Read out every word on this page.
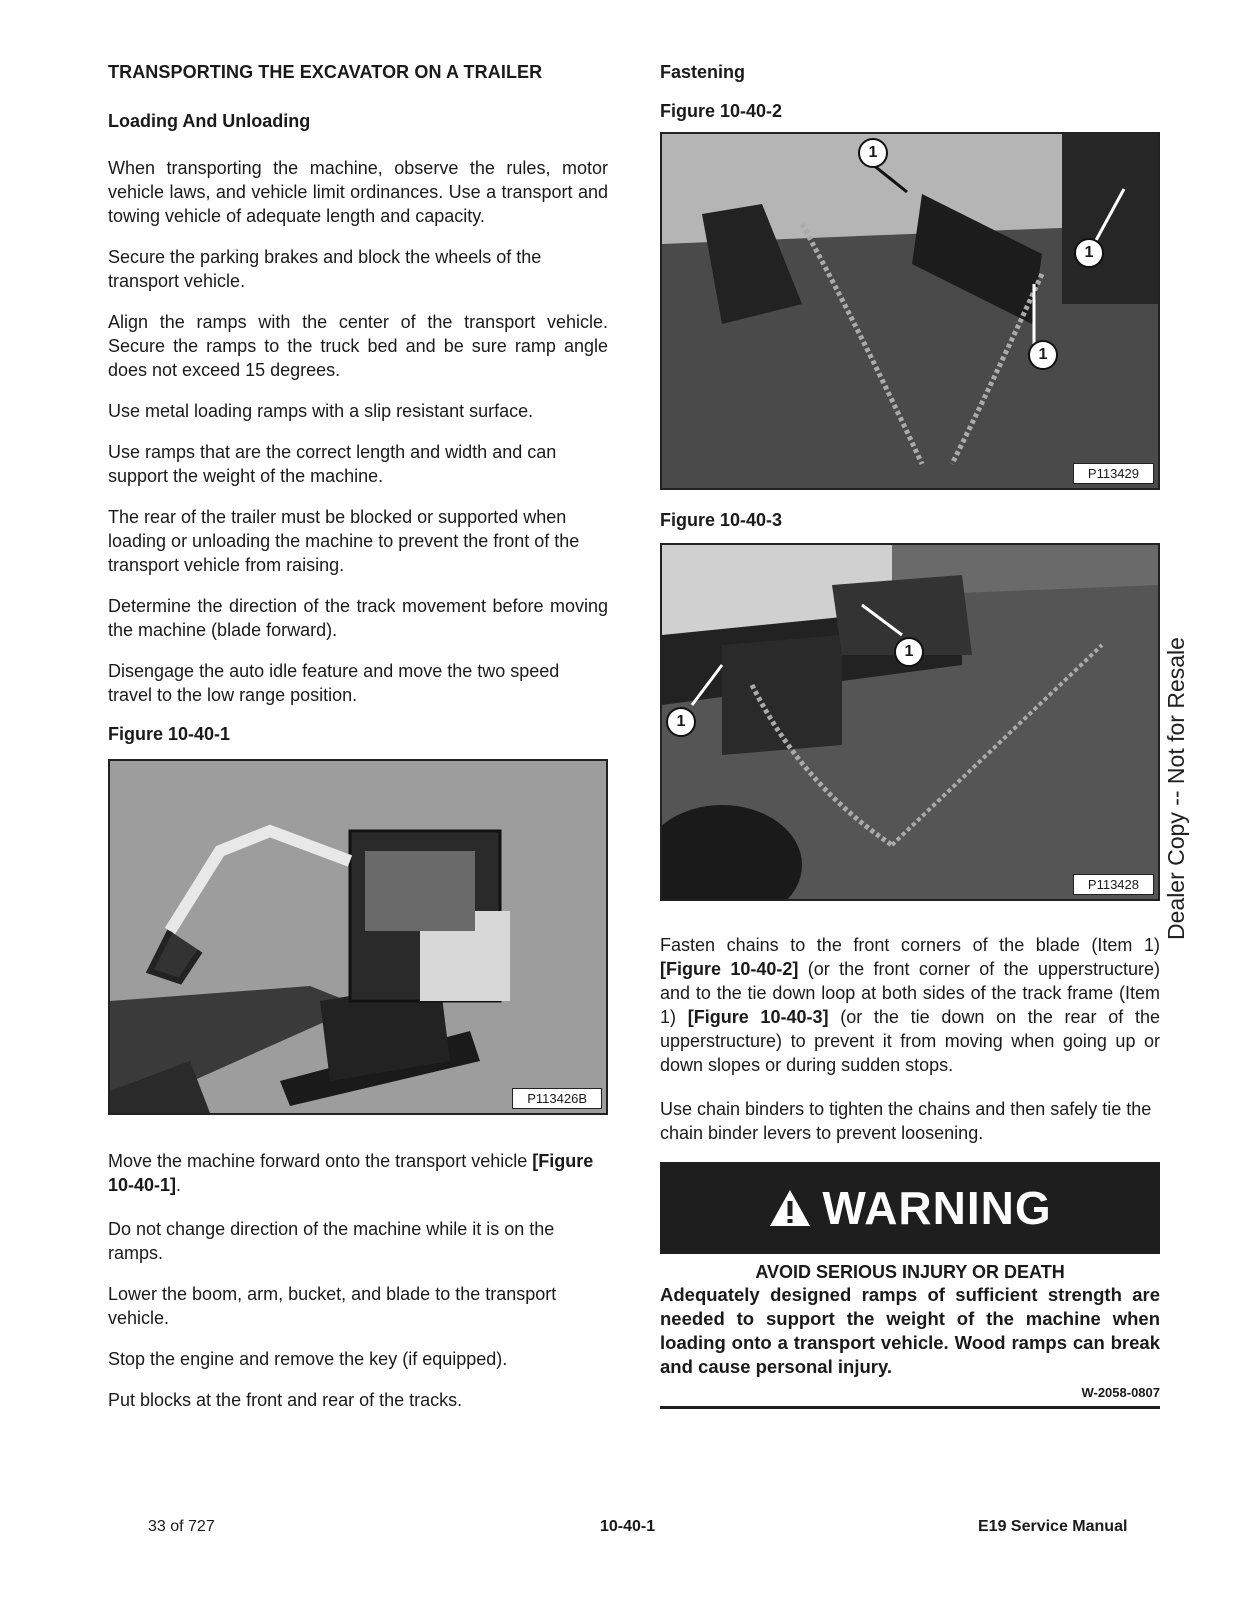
TRANSPORTING THE EXCAVATOR ON A TRAILER
Loading And Unloading

When transporting the machine, observe the rules, motor vehicle laws, and vehicle limit ordinances. Use a transport and towing vehicle of adequate length and capacity.

Secure the parking brakes and block the wheels of the transport vehicle.

Align the ramps with the center of the transport vehicle. Secure the ramps to the truck bed and be sure ramp angle does not exceed 15 degrees.

Use metal loading ramps with a slip resistant surface.

Use ramps that are the correct length and width and can support the weight of the machine.

The rear of the trailer must be blocked or supported when loading or unloading the machine to prevent the front of the transport vehicle from raising.

Determine the direction of the track movement before moving the machine (blade forward).

Disengage the auto idle feature and move the two speed travel to the low range position.

Figure 10-40-1
P113426B

Move the machine forward onto the transport vehicle [Figure 10-40-1].

Do not change direction of the machine while it is on the ramps.

Lower the boom, arm, bucket, and blade to the transport vehicle.

Stop the engine and remove the key (if equipped).

Put blocks at the front and rear of the tracks.

Fastening
Figure 10-40-2
1
1
1
P113429
Figure 10-40-3
1
1
P113428

Fasten chains to the front corners of the blade (Item 1) [Figure 10-40-2] (or the front corner of the upperstructure) and to the tie down loop at both sides of the track frame (Item 1) [Figure 10-40-3] (or the tie down on the rear of the upperstructure) to prevent it from moving when going up or down slopes or during sudden stops.

Use chain binders to tighten the chains and then safely tie the chain binder levers to prevent loosening.

WARNING
AVOID SERIOUS INJURY OR DEATH

Adequately designed ramps of sufficient strength are needed to support the weight of the machine when loading onto a transport vehicle. Wood ramps can break and cause personal injury.

W-2058-0807
Dealer Copy -- Not for Resale
33 of 727	10-40-1	E19 Service Manual
